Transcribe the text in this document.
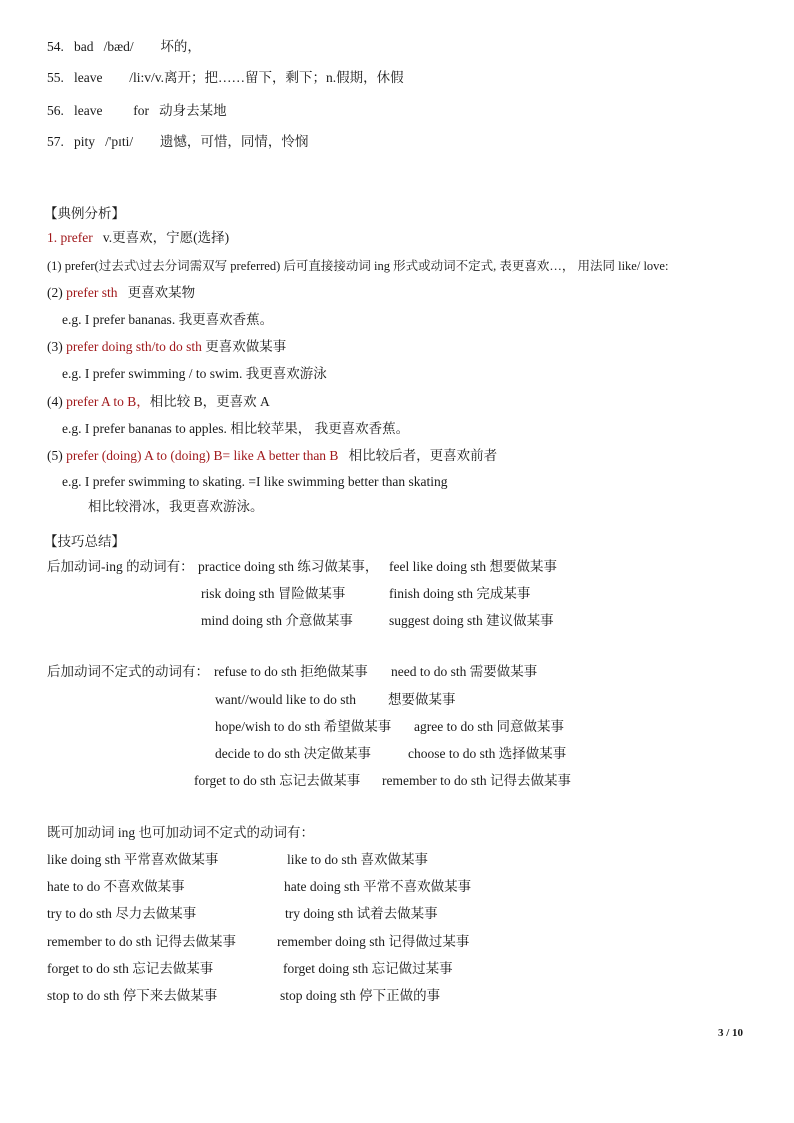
54. bad /bæd/ 坏的，
55. leave /li:v/v.离开；把……留下，剩下；n.假期，休假
56. leave for 动身去某地
57. pity /'pɪti/ 遗憾，可惜，同情，怜悯
【典例分析】
1. prefer v.更喜欢，宁愿(选择)
(1) prefer(过去式\过去分词需双写 preferred) 后可直接接动词 ing 形式或动词不定式, 表更喜欢…， 用法同 like/ love:
(2) prefer sth 更喜欢某物
e.g. I prefer bananas. 我更喜欢香蕉。
(3) prefer doing sth/to do sth 更喜欢做某事
e.g. I prefer swimming / to swim. 我更喜欢游泳
(4) prefer A to B，相比较 B，更喜欢 A
e.g. I prefer bananas to apples. 相比较苹果， 我更喜欢香蕉。
(5) prefer (doing) A to (doing) B= like A better than B 相比较后者，更喜欢前者
e.g. I prefer swimming to skating. =I like swimming better than skating
相比较滑冰，我更喜欢游泳。
【技巧总结】
后加动词-ing 的动词有： practice doing sth 练习做某事， feel like doing sth 想要做某事
risk doing sth 冒险做某事	finish doing sth 完成某事
mind doing sth 介意做某事	suggest doing sth 建议做某事
后加动词不定式的动词有： refuse to do sth 拒绝做某事 need to do sth 需要做某事
want//would like to do sth 想要做某事
hope/wish to do sth 希望做某事 agree to do sth 同意做某事
decide to do sth 决定做某事	choose to do sth 选择做某事
forget to do sth 忘记去做某事 remember to do sth 记得去做某事
既可加动词 ing 也可加动词不定式的动词有：
like doing sth 平常喜欢做某事	like to do sth 喜欢做某事
hate to do 不喜欢做某事	hate doing sth 平常不喜欢做某事
try to do sth 尽力去做某事	try doing sth 试着去做某事
remember to do sth 记得去做某事	remember doing sth 记得做过某事
forget to do sth 忘记去做某事	forget doing sth 忘记做过某事
stop to do sth 停下来去做某事	stop doing sth 停下正做的事
3 / 10
